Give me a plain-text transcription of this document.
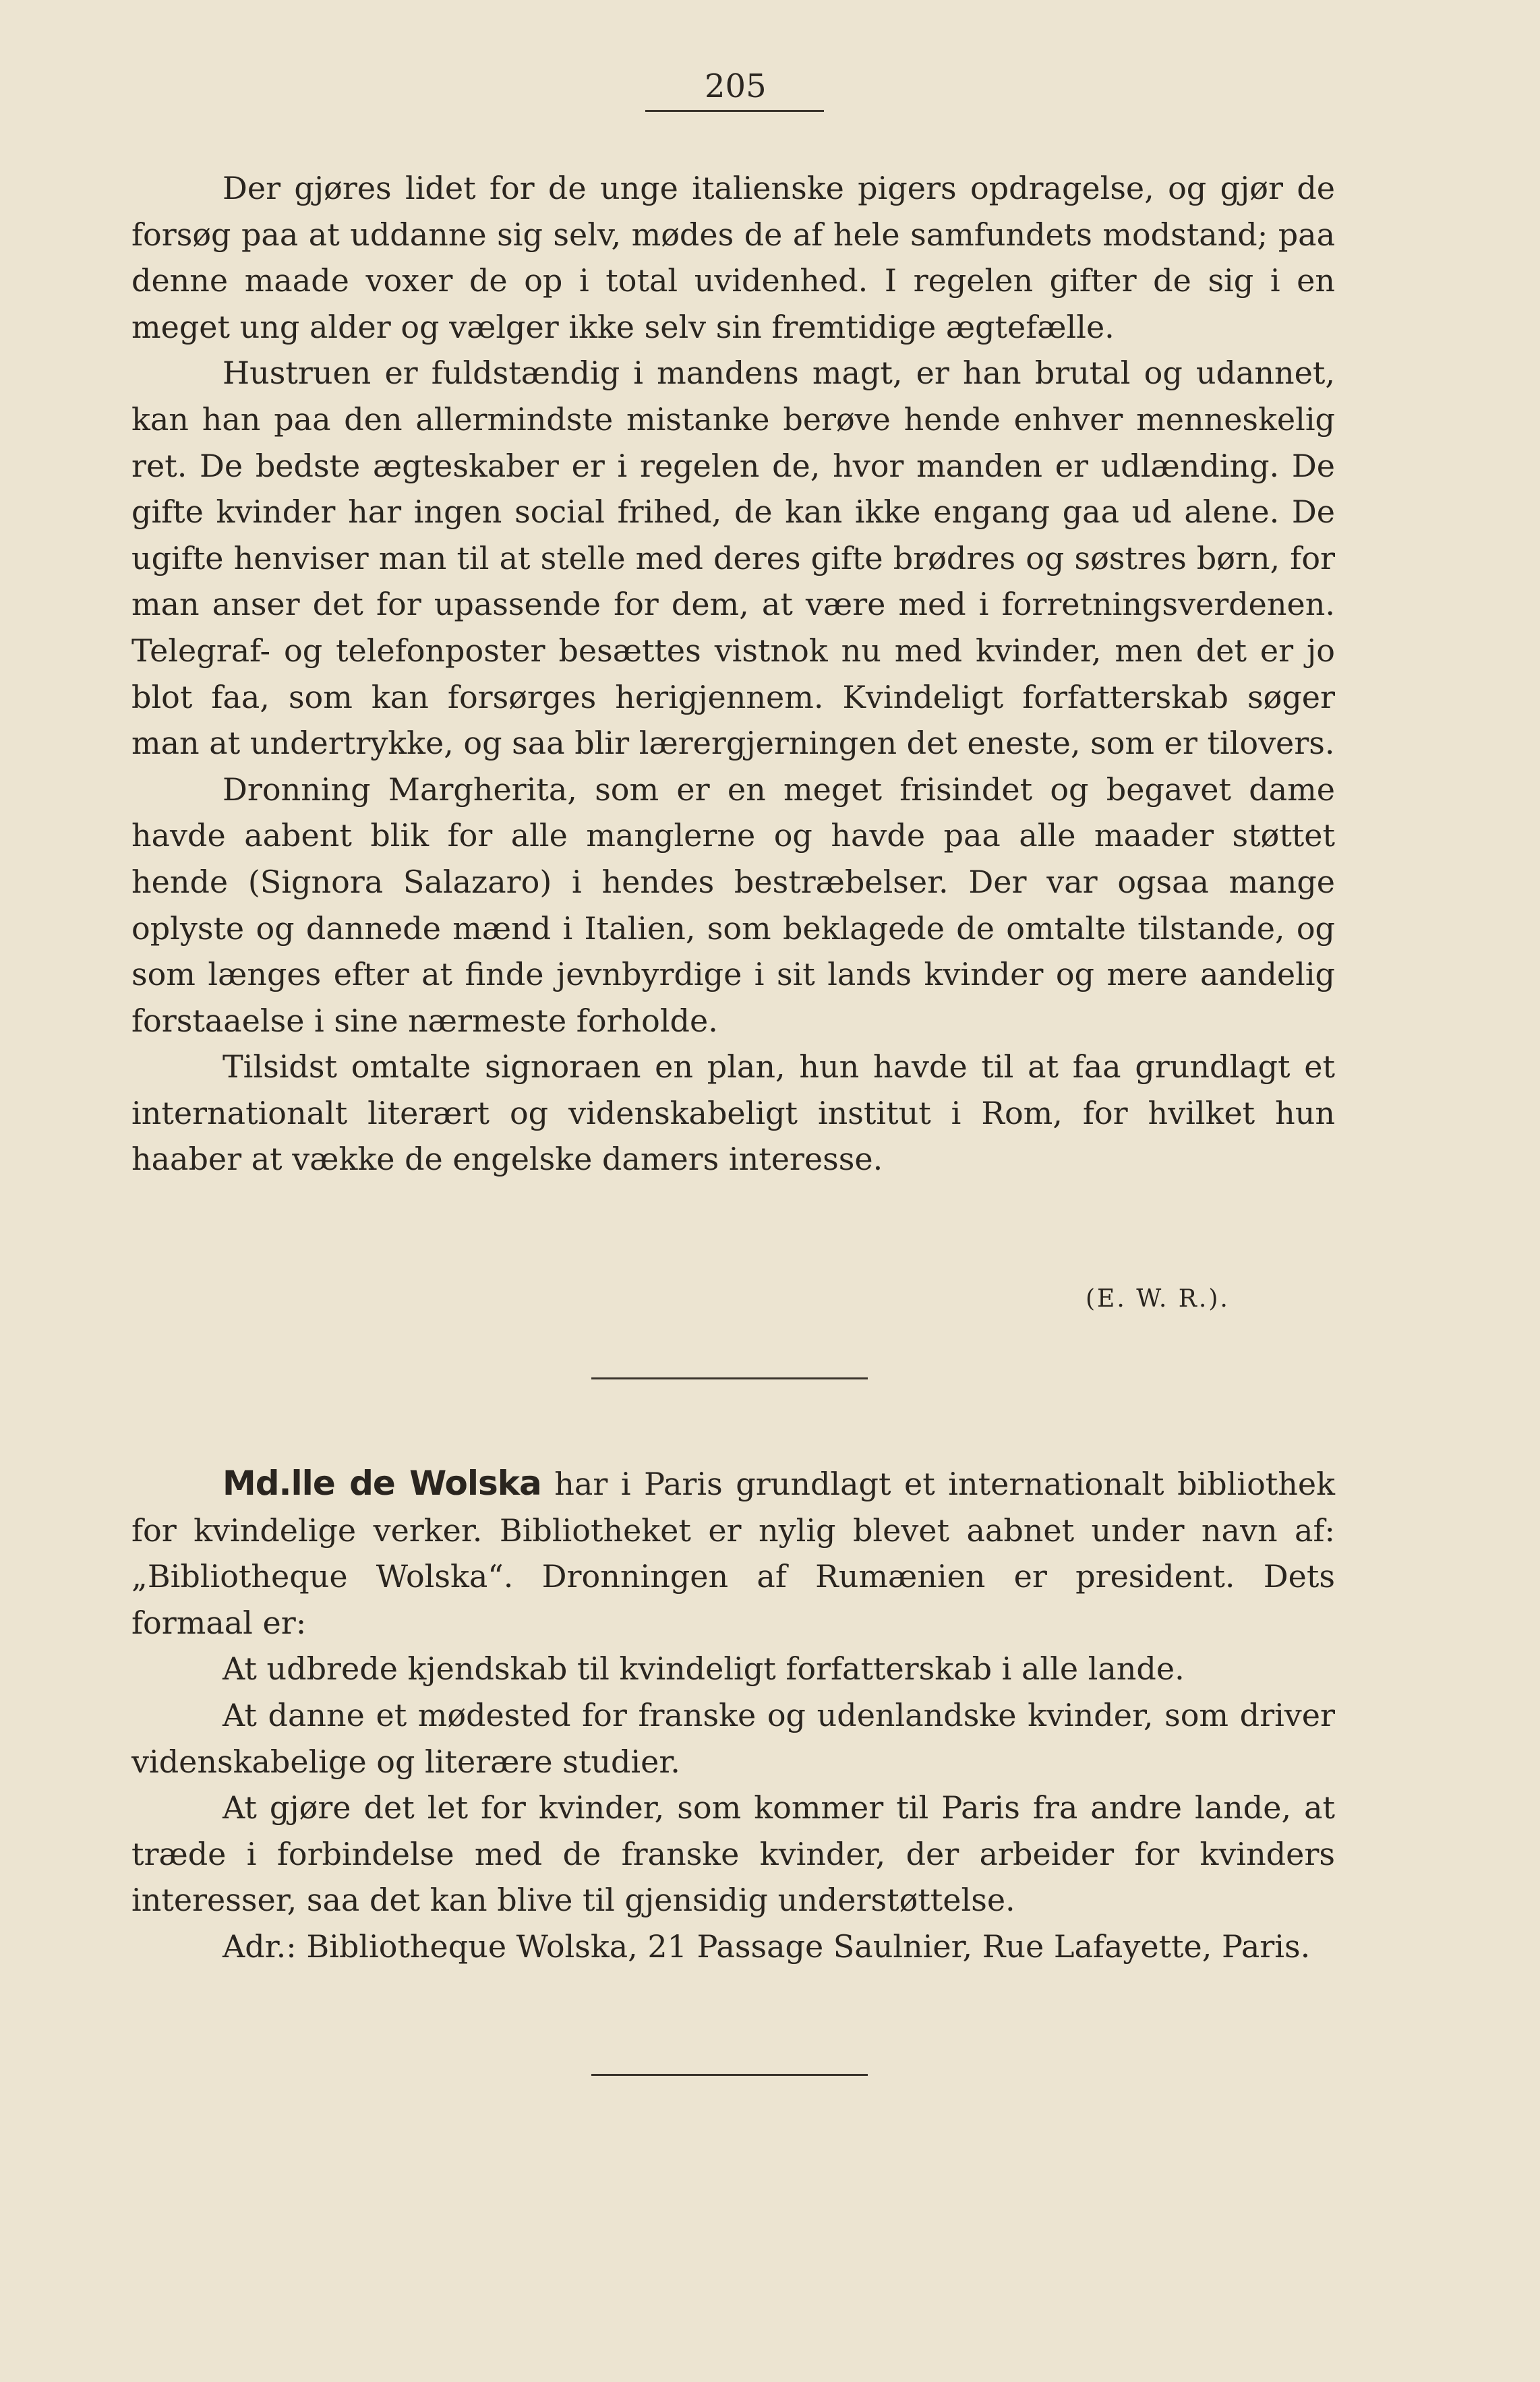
205

Der gjøres lidet for de unge italienske pigers opdragelse, og gjør de forsøg paa at uddanne sig selv, mødes de af hele samfundets modstand; paa denne maade voxer de op i total uvidenhed. I regelen gifter de sig i en meget ung alder og vælger ikke selv sin fremtidige ægtefælle.

Hustruen er fuldstændig i mandens magt, er han brutal og udannet, kan han paa den allermindste mistanke berøve hende enhver menneskelig ret. De bedste ægteskaber er i regelen de, hvor manden er udlænding. De gifte kvinder har ingen social frihed, de kan ikke engang gaa ud alene. De ugifte henviser man til at stelle med deres gifte brødres og søstres børn, for man anser det for upassende for dem, at være med i forretningsverdenen. Telegraf- og telefonposter besættes vistnok nu med kvinder, men det er jo blot faa, som kan forsørges herigjennem. Kvindeligt forfatterskab søger man at undertrykke, og saa blir lærergjerningen det eneste, som er tilovers.

Dronning Margherita, som er en meget frisindet og begavet dame havde aabent blik for alle manglerne og havde paa alle maader støttet hende (Signora Salazaro) i hendes bestræbelser. Der var ogsaa mange oplyste og dannede mænd i Italien, som beklagede de omtalte tilstande, og som længes efter at finde jevnbyrdige i sit lands kvinder og mere aandelig forstaaelse i sine nærmeste forholde.

Tilsidst omtalte signoraen en plan, hun havde til at faa grundlagt et internationalt literært og videnskabeligt institut i Rom, for hvilket hun haaber at vække de engelske damers interesse.

(E. W. R.).

Md.lle de Wolska har i Paris grundlagt et internationalt bibliothek for kvindelige verker. Bibliotheket er nylig blevet aabnet under navn af: „Bibliotheque Wolska“. Dronningen af Rumænien er president. Dets formaal er:

At udbrede kjendskab til kvindeligt forfatterskab i alle lande.

At danne et mødested for franske og udenlandske kvinder, som driver videnskabelige og literære studier.

At gjøre det let for kvinder, som kommer til Paris fra andre lande, at træde i forbindelse med de franske kvinder, der arbeider for kvinders interesser, saa det kan blive til gjensidig understøttelse.

Adr.: Bibliotheque Wolska, 21 Passage Saulnier, Rue Lafayette, Paris.
